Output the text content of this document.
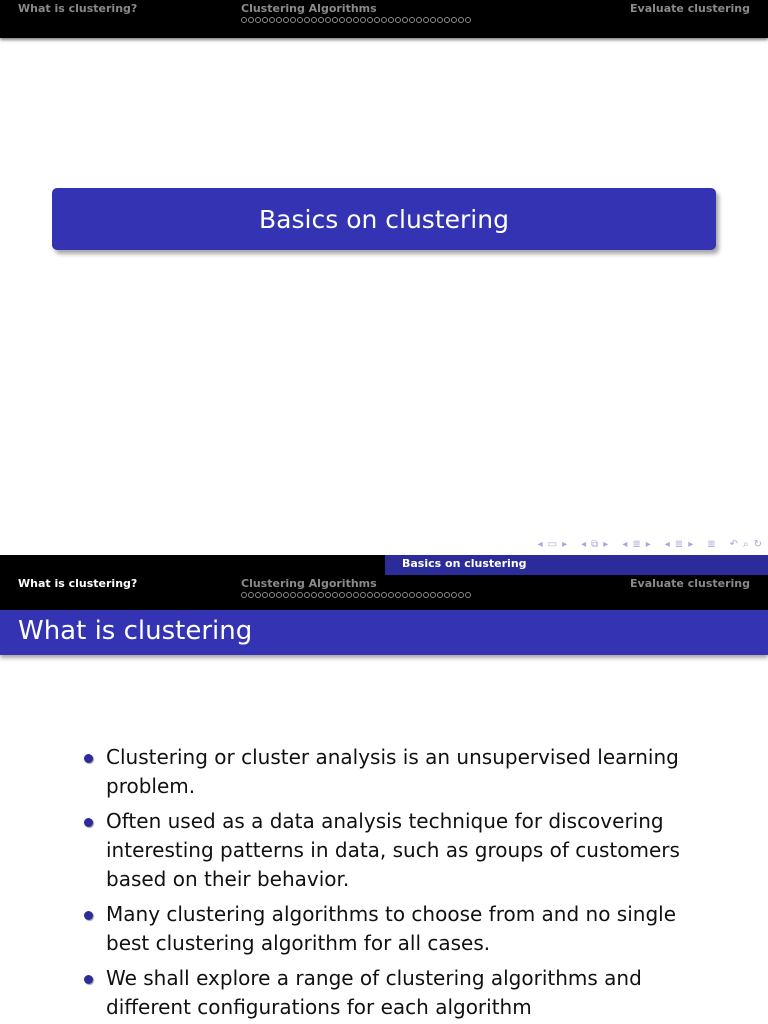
What is clustering?	Clustering Algorithms	Evaluate clustering
Basics on clustering
◂ ▭ ▸ ◂ ⧉ ▸ ◂ ≣ ▸ ◂ ≣ ▸ ≣ ↶ ⌕ ↻
Basics on clustering
What is clustering?	Clustering Algorithms	Evaluate clustering
What is clustering
Clustering or cluster analysis is an unsupervised learning problem.
Often used as a data analysis technique for discovering interesting patterns in data, such as groups of customers based on their behavior.
Many clustering algorithms to choose from and no single best clustering algorithm for all cases.
We shall explore a range of clustering algorithms and different configurations for each algorithm
